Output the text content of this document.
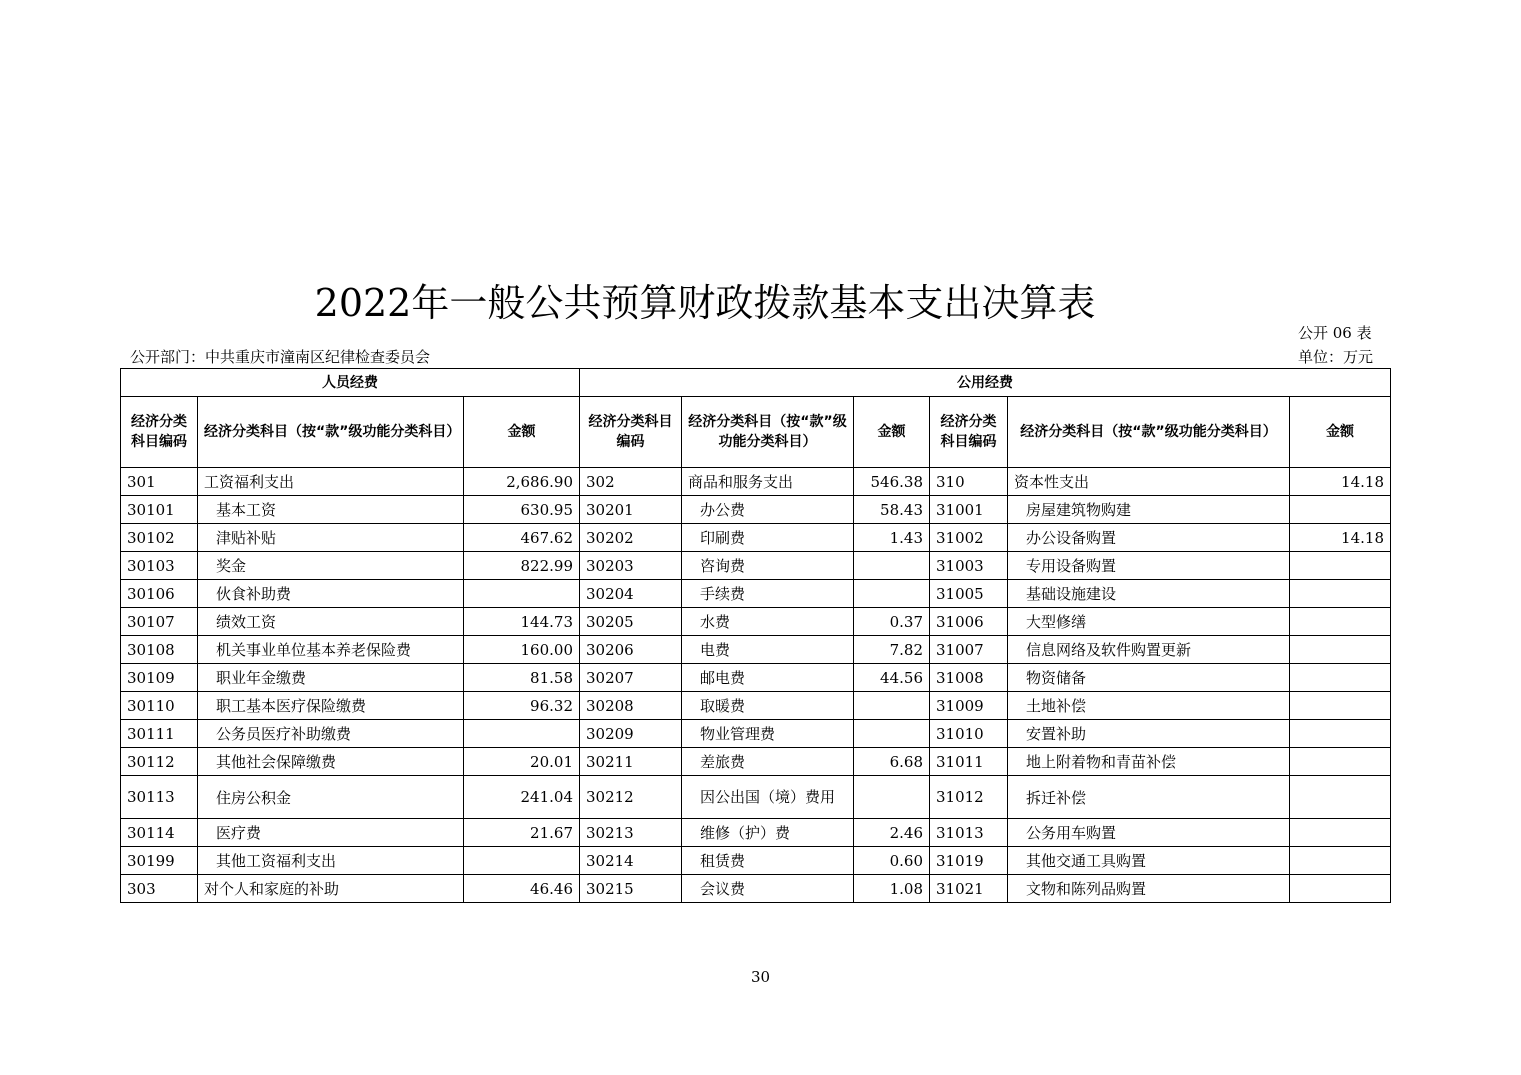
2022年一般公共预算财政拨款基本支出决算表
公开 06 表
公开部门：中共重庆市潼南区纪律检查委员会	单位：万元
人员经费			公用经费					
经济分类科目编码	经济分类科目（按“款”级功能分类科目）	金额	经济分类科目编码	经济分类科目（按“款”级功能分类科目）	金额	经济分类科目编码	经济分类科目（按“款”级功能分类科目）	金额
301	工资福利支出	2,686.90	302	商品和服务支出	546.38	310	资本性支出	14.18
30101	基本工资	630.95	30201	办公费	58.43	31001	房屋建筑物购建	
30102	津贴补贴	467.62	30202	印刷费	1.43	31002	办公设备购置	14.18
30103	奖金	822.99	30203	咨询费		31003	专用设备购置	
30106	伙食补助费		30204	手续费		31005	基础设施建设	
30107	绩效工资	144.73	30205	水费	0.37	31006	大型修缮	
30108	机关事业单位基本养老保险费	160.00	30206	电费	7.82	31007	信息网络及软件购置更新	
30109	职业年金缴费	81.58	30207	邮电费	44.56	31008	物资储备	
30110	职工基本医疗保险缴费	96.32	30208	取暖费		31009	土地补偿	
30111	公务员医疗补助缴费		30209	物业管理费		31010	安置补助	
30112	其他社会保障缴费	20.01	30211	差旅费	6.68	31011	地上附着物和青苗补偿	
30113	住房公积金	241.04	30212	因公出国（境）费用		31012	拆迁补偿	
30114	医疗费	21.67	30213	维修（护）费	2.46	31013	公务用车购置	
30199	其他工资福利支出		30214	租赁费	0.60	31019	其他交通工具购置	
303	对个人和家庭的补助	46.46	30215	会议费	1.08	31021	文物和陈列品购置	
30
